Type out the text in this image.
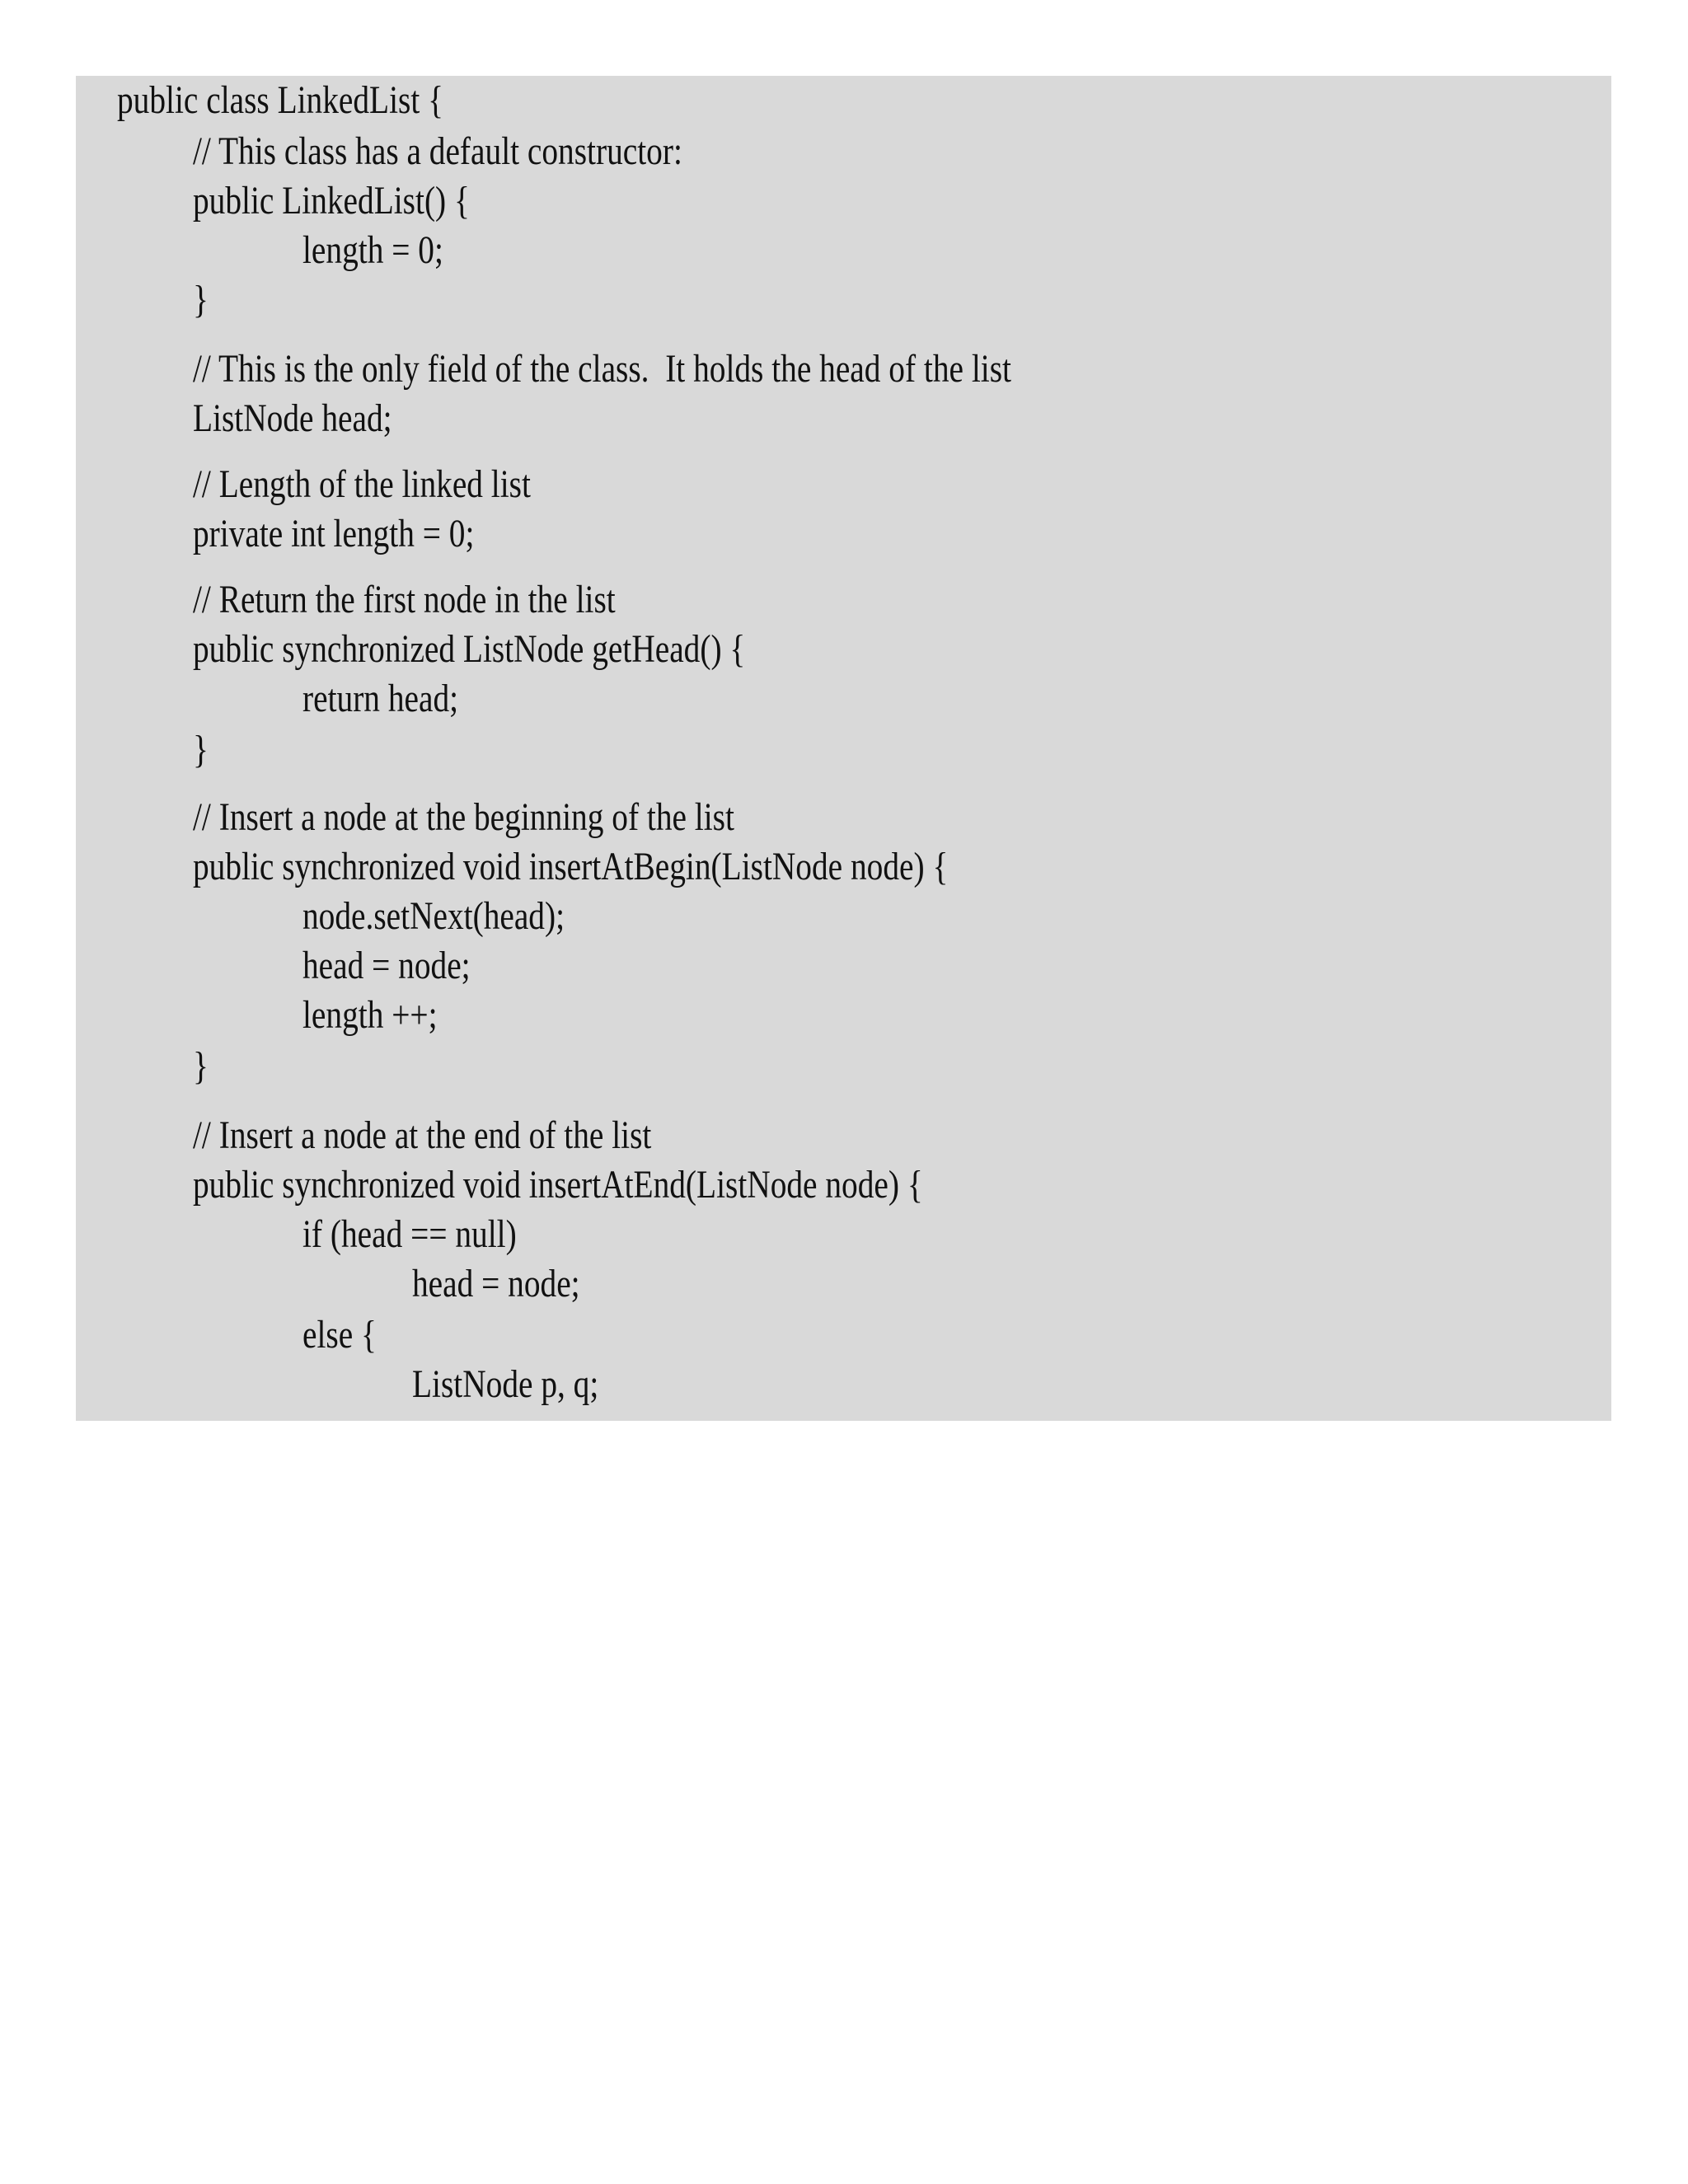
public class LinkedList {
// This class has a default constructor:
public LinkedList() {
length = 0;
}
// This is the only field of the class.  It holds the head of the list
ListNode head;
// Length of the linked list
private int length = 0;
// Return the first node in the list
public synchronized ListNode getHead() {
return head;
}
// Insert a node at the beginning of the list
public synchronized void insertAtBegin(ListNode node) {
node.setNext(head);
head = node;
length ++;
}
// Insert a node at the end of the list
public synchronized void insertAtEnd(ListNode node) {
if (head == null)
head = node;
else {
ListNode p, q;
